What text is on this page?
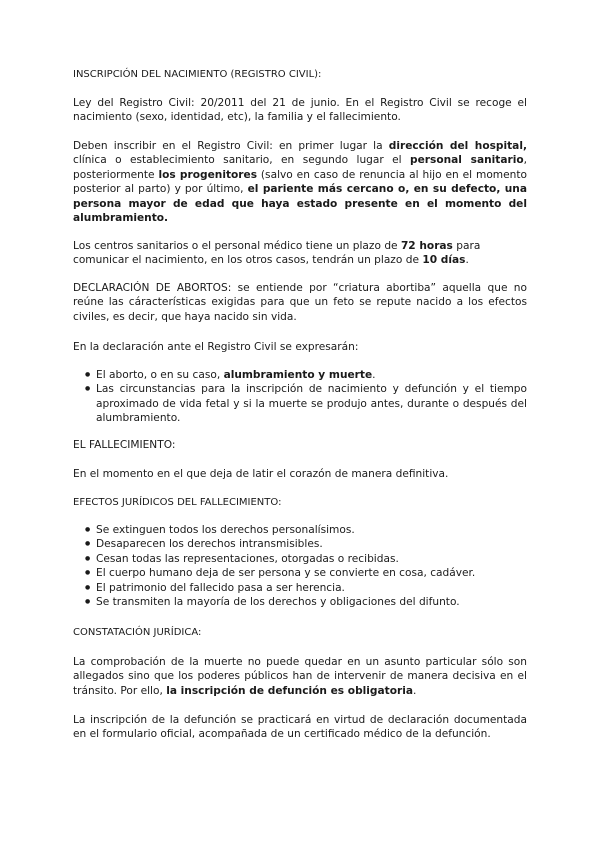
INSCRIPCIÓN DEL NACIMIENTO (REGISTRO CIVIL):

Ley del Registro Civil: 20/2011 del 21 de junio. En el Registro Civil se recoge el nacimiento (sexo, identidad, etc), la familia y el fallecimiento.

Deben inscribir en el Registro Civil: en primer lugar la dirección del hospital, clínica o establecimiento sanitario, en segundo lugar el personal sanitario, posteriormente los progenitores (salvo en caso de renuncia al hijo en el momento posterior al parto) y por último, el pariente más cercano o, en su defecto, una persona mayor de edad que haya estado presente en el momento del alumbramiento.

Los centros sanitarios o el personal médico tiene un plazo de 72 horas para comunicar el nacimiento, en los otros casos, tendrán un plazo de 10 días.

DECLARACIÓN DE ABORTOS: se entiende por “criatura abortiba” aquella que no reúne las cáracterísticas exigidas para que un feto se repute nacido a los efectos civiles, es decir, que haya nacido sin vida.

En la declaración ante el Registro Civil se expresarán:

● El aborto, o en su caso, alumbramiento y muerte.
● Las circunstancias para la inscripción de nacimiento y defunción y el tiempo aproximado de vida fetal y si la muerte se produjo antes, durante o después del alumbramiento.

EL FALLECIMIENTO:

En el momento en el que deja de latir el corazón de manera definitiva.

EFECTOS JURÍDICOS DEL FALLECIMIENTO:

● Se extinguen todos los derechos personalísimos.
● Desaparecen los derechos intransmisibles.
● Cesan todas las representaciones, otorgadas o recibidas.
● El cuerpo humano deja de ser persona y se convierte en cosa, cadáver.
● El patrimonio del fallecido pasa a ser herencia.
● Se transmiten la mayoría de los derechos y obligaciones del difunto.

CONSTATACIÓN JURÍDICA:

La comprobación de la muerte no puede quedar en un asunto particular sólo son allegados sino que los poderes públicos han de intervenir de manera decisiva en el tránsito. Por ello, la inscripción de defunción es obligatoria.

La inscripción de la defunción se practicará en virtud de declaración documentada en el formulario oficial, acompañada de un certificado médico de la defunción.
